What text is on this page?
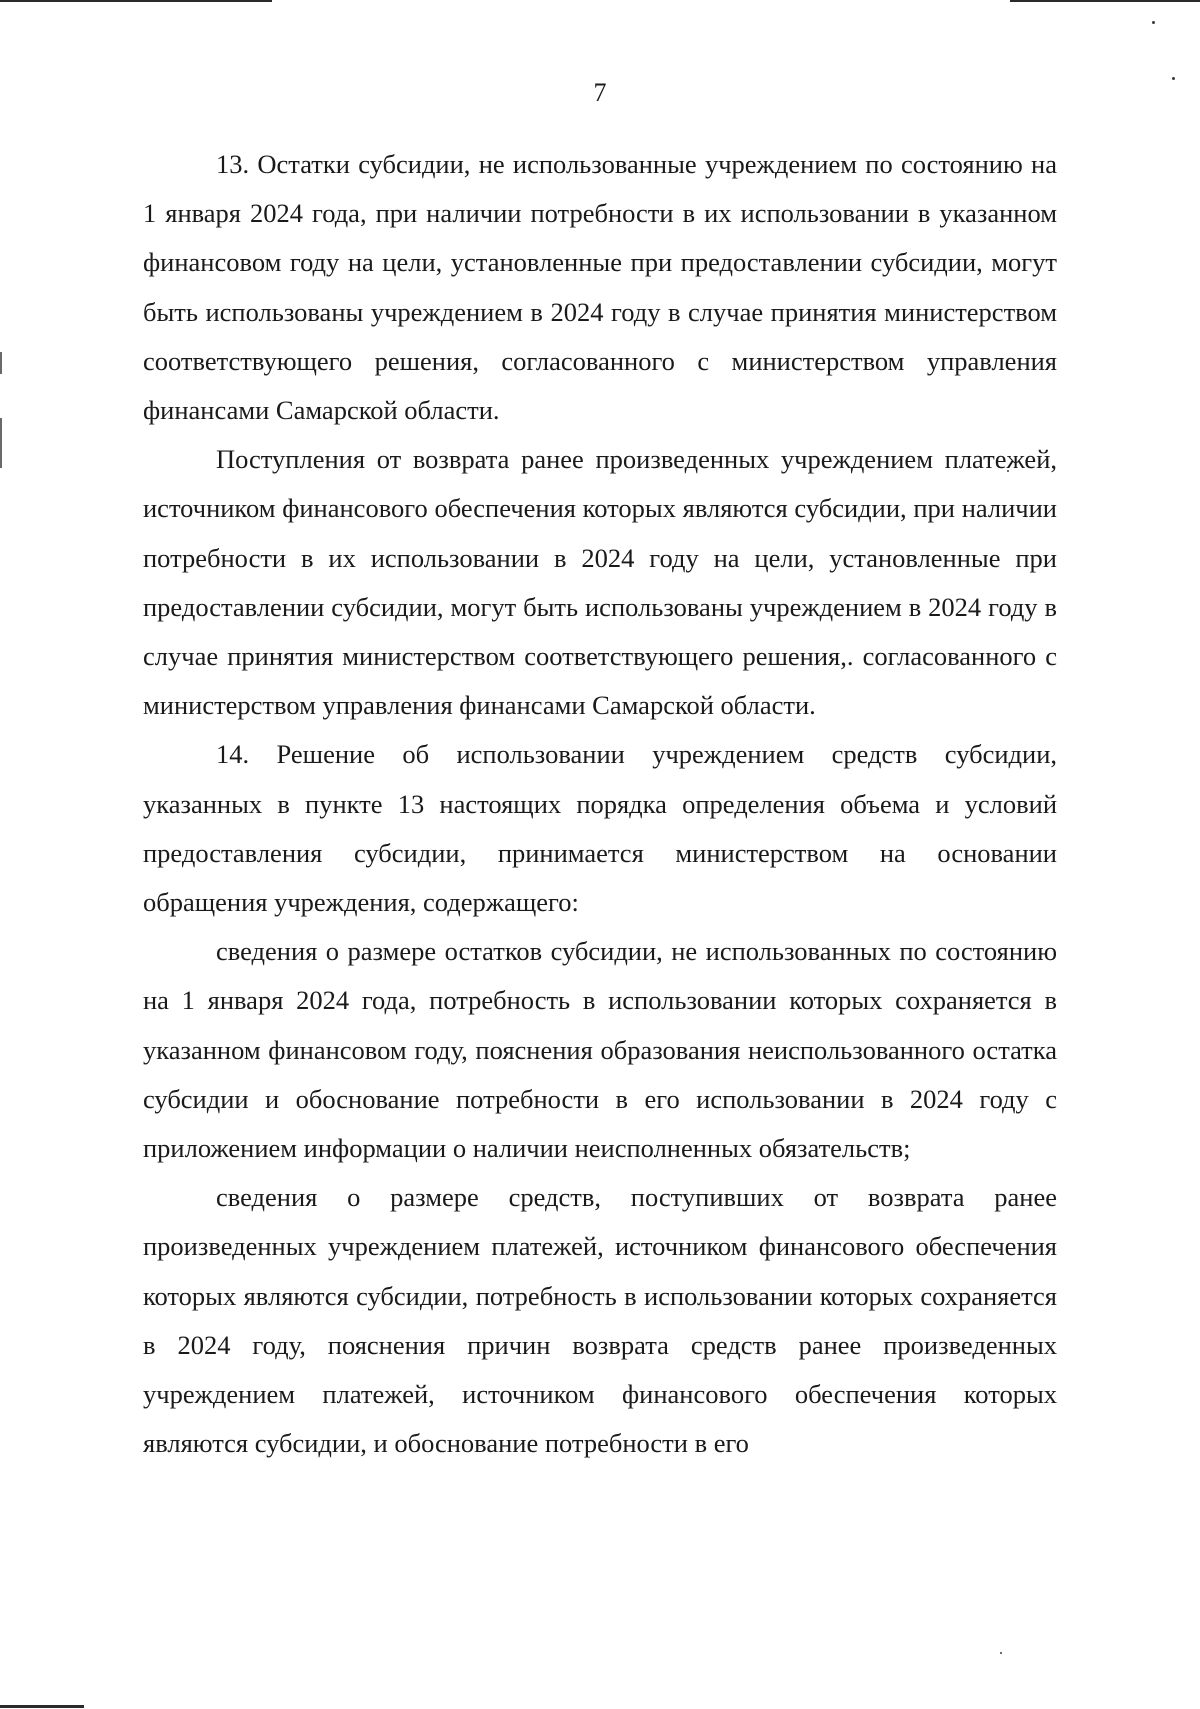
7

13. Остатки субсидии, не использованные учреждением по состоянию на 1 января 2024 года, при наличии потребности в их использовании в указанном финансовом году на цели, установленные при предоставлении субсидии, могут быть использованы учреждением в 2024 году в случае принятия министерством соответствующего решения, согласованного с министерством управления финансами Самарской области.

Поступления от возврата ранее произведенных учреждением платежей, источником финансового обеспечения которых являются субсидии, при наличии потребности в их использовании в 2024 году на цели, установленные при предоставлении субсидии, могут быть использованы учреждением в 2024 году в случае принятия министерством соответствующего решения,. согласованного с министерством управления финансами Самарской области.

14. Решение об использовании учреждением средств субсидии, указанных в пункте 13 настоящих порядка определения объема и условий предоставления субсидии, принимается министерством на основании обращения учреждения, содержащего:

сведения о размере остатков субсидии, не использованных по состоянию на 1 января 2024 года, потребность в использовании которых сохраняется в указанном финансовом году, пояснения образования неиспользованного остатка субсидии и обоснование потребности в его использовании в 2024 году с приложением информации о наличии неисполненных обязательств;

сведения о размере средств, поступивших от возврата ранее произведенных учреждением платежей, источником финансового обеспечения которых являются субсидии, потребность в использовании которых сохраняется в 2024 году, пояснения причин возврата средств ранее произведенных учреждением платежей, источником финансового обеспечения которых являются субсидии, и обоснование потребности в его
